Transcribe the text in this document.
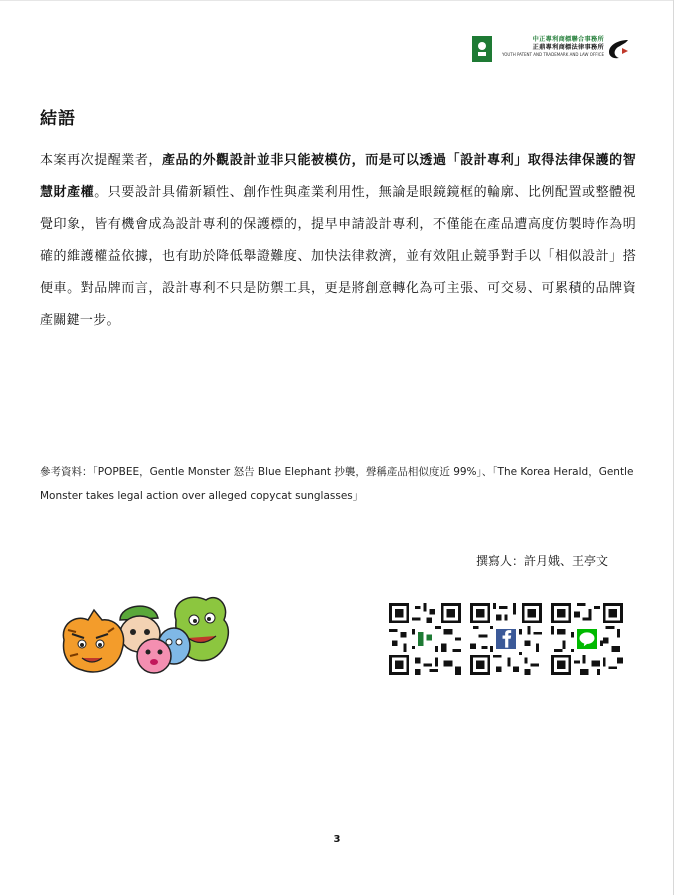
中正專利商標聯合事務所
正鼎專利商標法律事務所
YOUTH PATENT AND TRADEMARK AND LAW OFFICE
結語

本案再次提醒業者，產品的外觀設計並非只能被模仿，而是可以透過「設計專利」取得法律保護的智慧財產權。只要設計具備新穎性、創作性與產業利用性，無論是眼鏡鏡框的輪廓、比例配置或整體視覺印象，皆有機會成為設計專利的保護標的，提早申請設計專利，不僅能在產品遭高度仿製時作為明確的維護權益依據，也有助於降低舉證難度、加快法律救濟，並有效阻止競爭對手以「相似設計」搭便車。對品牌而言，設計專利不只是防禦工具，更是將創意轉化為可主張、可交易、可累積的品牌資產關鍵一步。

參考資料：「POPBEE，Gentle Monster 怒告 Blue Elephant 抄襲，聲稱產品相似度近 99%」、「The Korea Herald，Gentle Monster takes legal action over alleged copycat sunglasses」
撰寫人：許月娥、王亭文
3
